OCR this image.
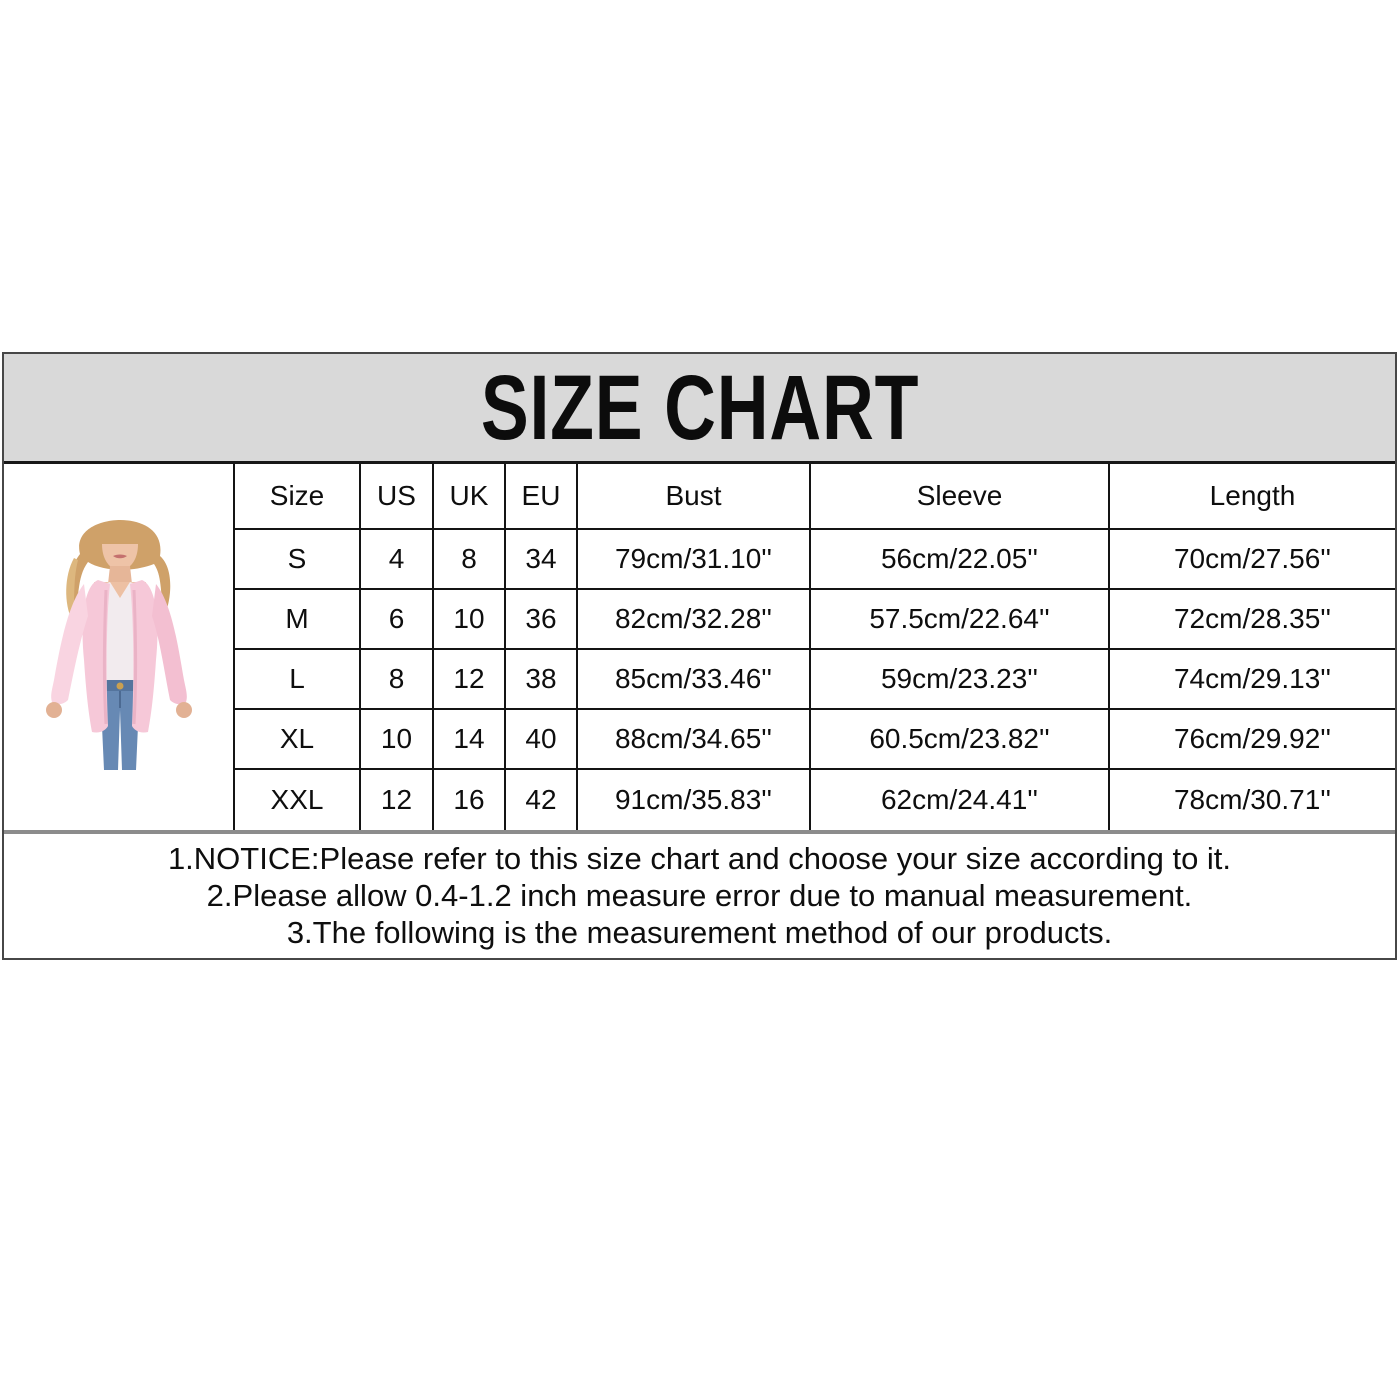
SIZE CHART
Size	US	UK	EU	Bust	Sleeve	Length
S	4	8	34	79cm/31.10''	56cm/22.05''	70cm/27.56''
M	6	10	36	82cm/32.28''	57.5cm/22.64''	72cm/28.35''
L	8	12	38	85cm/33.46''	59cm/23.23''	74cm/29.13''
XL	10	14	40	88cm/34.65''	60.5cm/23.82''	76cm/29.92''
XXL	12	16	42	91cm/35.83''	62cm/24.41''	78cm/30.71''
1.NOTICE:Please refer to this size chart and choose your size according to it.
2.Please allow 0.4-1.2 inch measure error due to manual measurement.
3.The following is the measurement method of our products.
